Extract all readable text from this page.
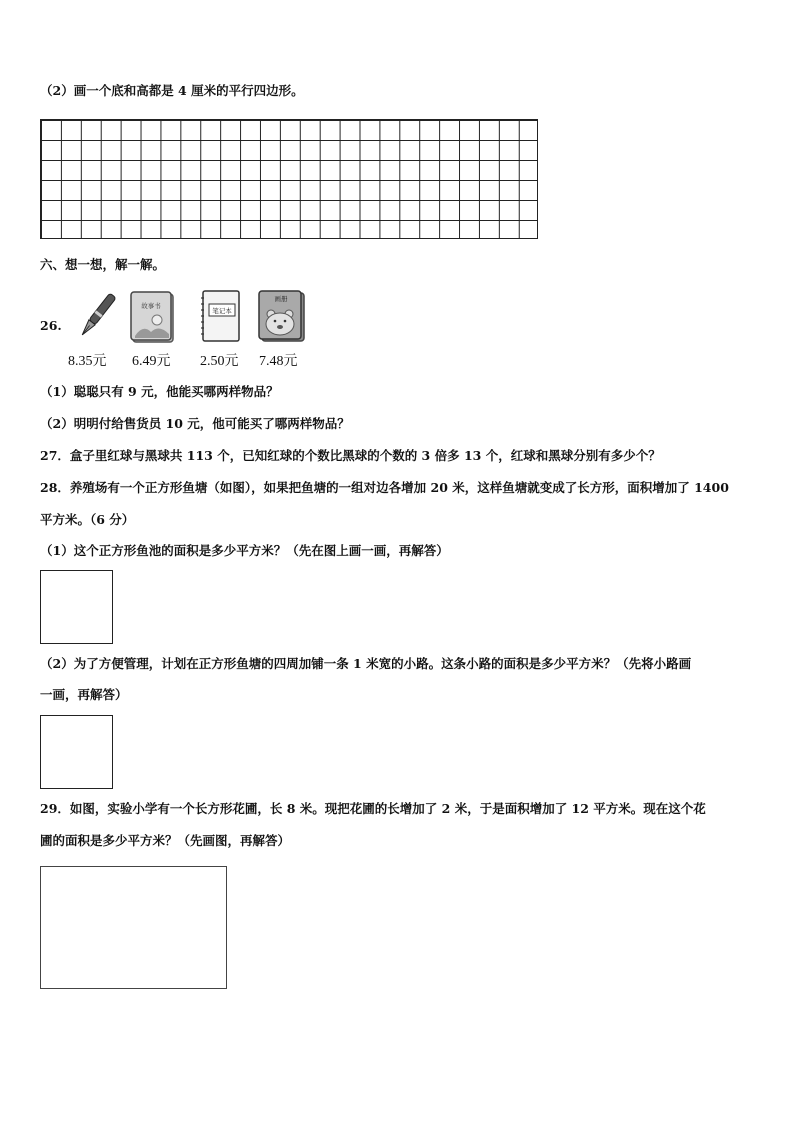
（2）画一个底和高都是 4 厘米的平行四边形。
六、想一想，解一解。
26.
8.35元
故事书
6.49元
笔记本
2.50元
画册
7.48元
（1）聪聪只有 9 元，他能买哪两样物品？
（2）明明付给售货员 10 元，他可能买了哪两样物品？
27．盒子里红球与黑球共 113 个，已知红球的个数比黑球的个数的 3 倍多 13 个，红球和黑球分别有多少个？
28．养殖场有一个正方形鱼塘（如图），如果把鱼塘的一组对边各增加 20 米，这样鱼塘就变成了长方形，面积增加了 1400
平方米。（6 分）
（1）这个正方形鱼池的面积是多少平方米？（先在图上画一画，再解答）
（2）为了方便管理，计划在正方形鱼塘的四周加铺一条 1 米宽的小路。这条小路的面积是多少平方米？（先将小路画
一画，再解答）
29．如图，实验小学有一个长方形花圃，长 8 米。现把花圃的长增加了 2 米，于是面积增加了 12 平方米。现在这个花
圃的面积是多少平方米？（先画图，再解答）
